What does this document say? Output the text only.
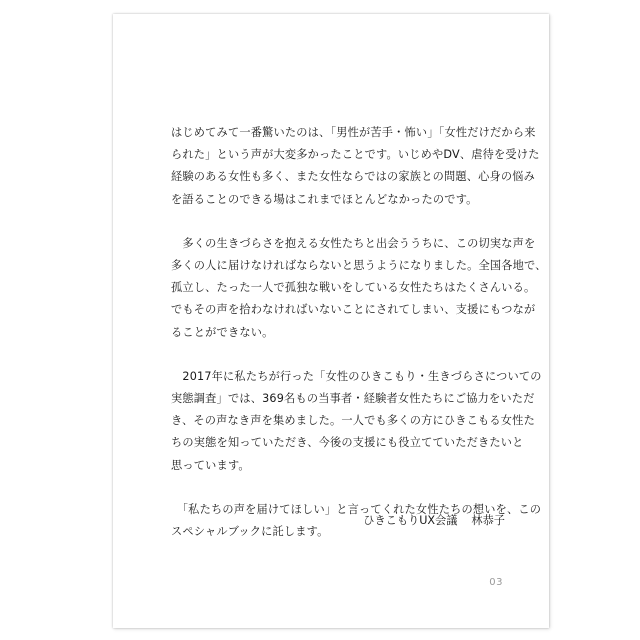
はじめてみて一番驚いたのは、「男性が苦手・怖い」「女性だけだから来
られた」という声が大変多かったことです。いじめやDV、虐待を受けた
経験のある女性も多く、また女性ならではの家族との問題、心身の悩み
を語ることのできる場はこれまでほとんどなかったのです。

　多くの生きづらさを抱える女性たちと出会ううちに、この切実な声を
多くの人に届けなければならないと思うようになりました。全国各地で、
孤立し、たった一人で孤独な戦いをしている女性たちはたくさんいる。
でもその声を拾わなければいないことにされてしまい、支援にもつなが
ることができない。

　2017年に私たちが行った「女性のひきこもり・生きづらさについての
実態調査」では、369名もの当事者・経験者女性たちにご協力をいただ
き、その声なき声を集めました。一人でも多くの方にひきこもる女性た
ちの実態を知っていただき、今後の支援にも役立てていただきたいと
思っています。

　「私たちの声を届けてほしい」と言ってくれた女性たちの想いを、この
スペシャルブックに託します。

ひきこもりUX会議 林恭子
03
